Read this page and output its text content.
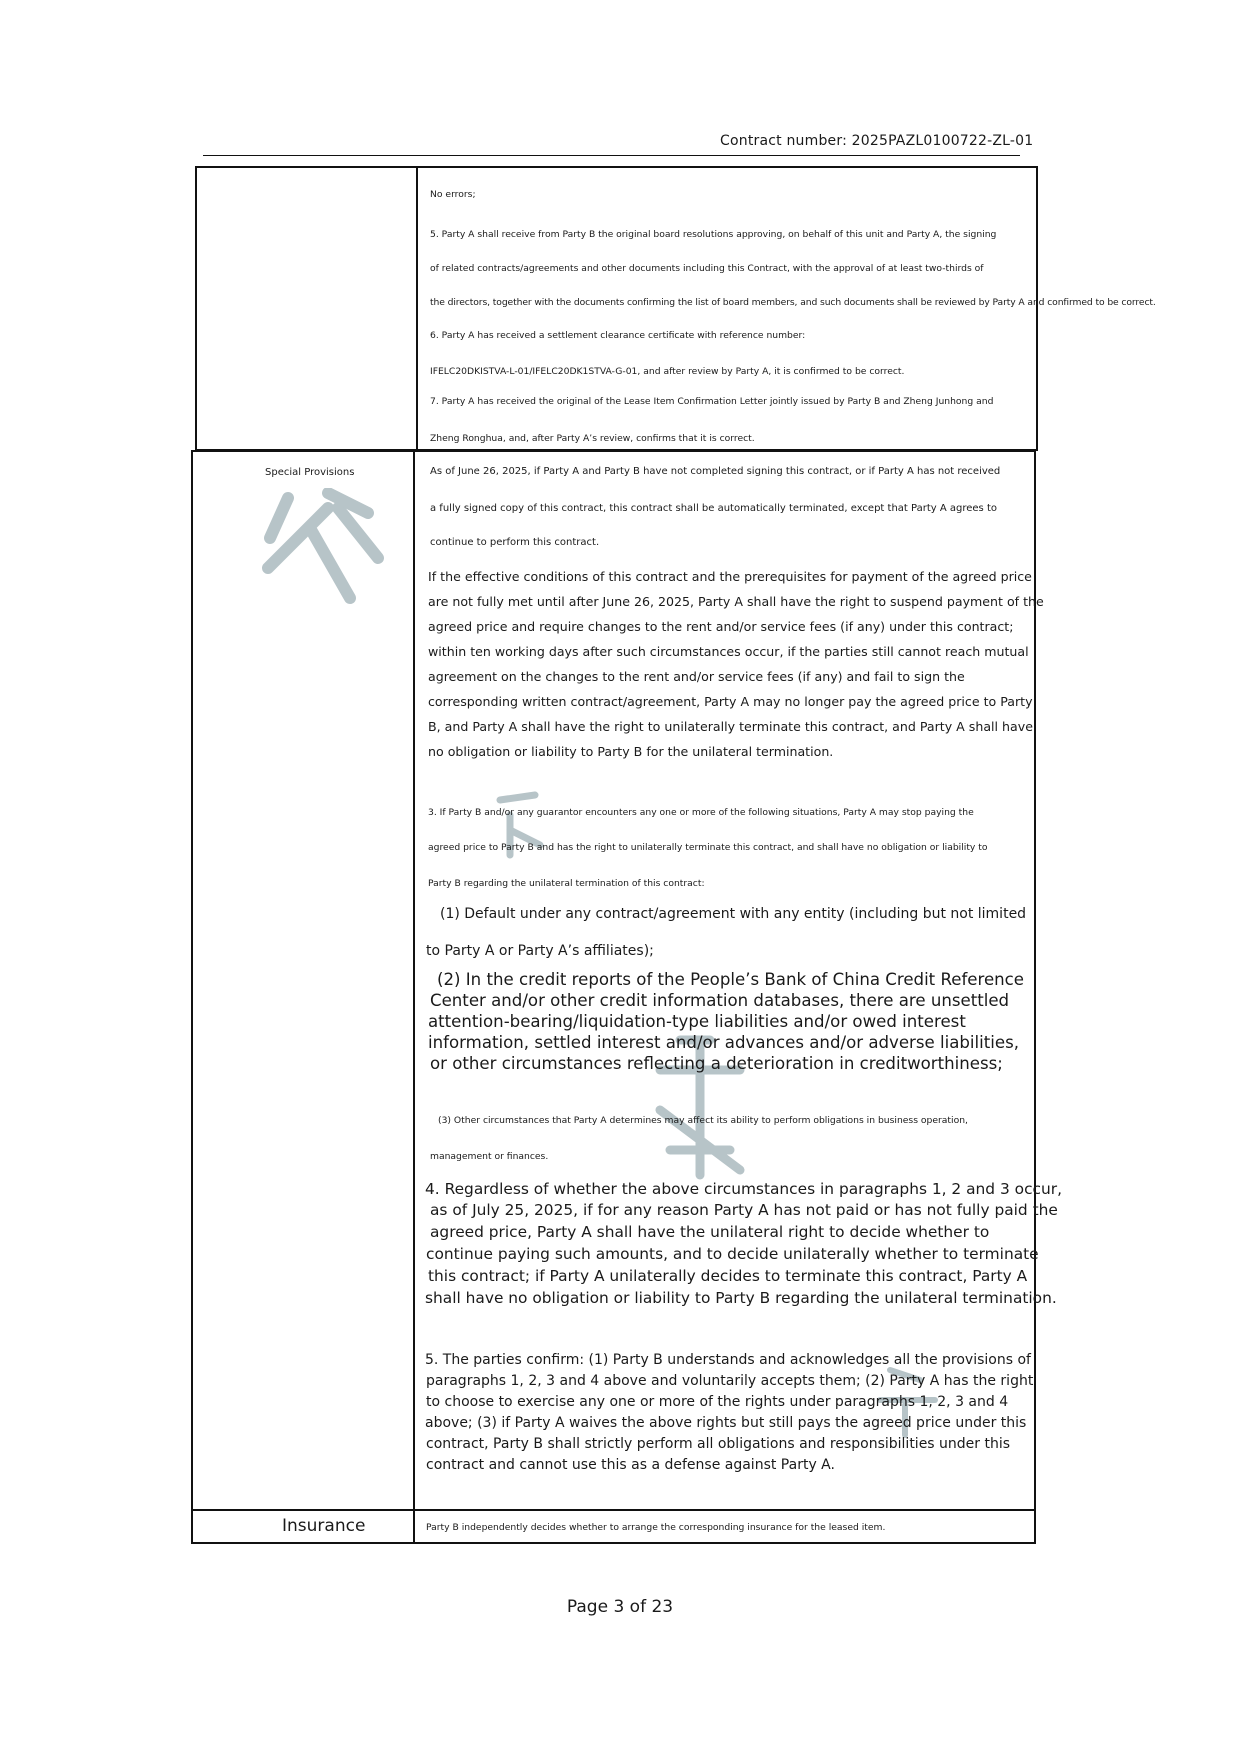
Contract number: 2025PAZL0100722-ZL-01
No errors;
5. Party A shall receive from Party B the original board resolutions approving, on behalf of this unit and Party A, the signing
of related contracts/agreements and other documents including this Contract, with the approval of at least two-thirds of
the directors, together with the documents confirming the list of board members, and such documents shall be reviewed by Party A and confirmed to be correct.
6. Party A has received a settlement clearance certificate with reference number:
IFELC20DKISTVA-L-01/IFELC20DK1STVA-G-01, and after review by Party A, it is confirmed to be correct.
7. Party A has received the original of the Lease Item Confirmation Letter jointly issued by Party B and Zheng Junhong and
Zheng Ronghua, and, after Party A’s review, confirms that it is correct.
Special Provisions	As of June 26, 2025, if Party A and Party B have not completed signing this contract, or if Party A has not received
a fully signed copy of this contract, this contract shall be automatically terminated, except that Party A agrees to
continue to perform this contract.
If the effective conditions of this contract and the prerequisites for payment of the agreed price
are not fully met until after June 26, 2025, Party A shall have the right to suspend payment of the
agreed price and require changes to the rent and/or service fees (if any) under this contract;
within ten working days after such circumstances occur, if the parties still cannot reach mutual
agreement on the changes to the rent and/or service fees (if any) and fail to sign the
corresponding written contract/agreement, Party A may no longer pay the agreed price to Party
B, and Party A shall have the right to unilaterally terminate this contract, and Party A shall have
no obligation or liability to Party B for the unilateral termination.
3. If Party B and/or any guarantor encounters any one or more of the following situations, Party A may stop paying the
agreed price to Party B and has the right to unilaterally terminate this contract, and shall have no obligation or liability to
Party B regarding the unilateral termination of this contract:
(1) Default under any contract/agreement with any entity (including but not limited
to Party A or Party A’s affiliates);
(2) In the credit reports of the People’s Bank of China Credit Reference
Center and/or other credit information databases, there are unsettled
attention-bearing/liquidation-type liabilities and/or owed interest
information, settled interest and/or advances and/or adverse liabilities,
or other circumstances reflecting a deterioration in creditworthiness;
(3) Other circumstances that Party A determines may affect its ability to perform obligations in business operation,
management or finances.
4. Regardless of whether the above circumstances in paragraphs 1, 2 and 3 occur,
as of July 25, 2025, if for any reason Party A has not paid or has not fully paid the
agreed price, Party A shall have the unilateral right to decide whether to
continue paying such amounts, and to decide unilaterally whether to terminate
this contract; if Party A unilaterally decides to terminate this contract, Party A
shall have no obligation or liability to Party B regarding the unilateral termination.
5. The parties confirm: (1) Party B understands and acknowledges all the provisions of
paragraphs 1, 2, 3 and 4 above and voluntarily accepts them; (2) Party A has the right
to choose to exercise any one or more of the rights under paragraphs 1, 2, 3 and 4
above; (3) if Party A waives the above rights but still pays the agreed price under this
contract, Party B shall strictly perform all obligations and responsibilities under this
contract and cannot use this as a defense against Party A.
Insurance	Party B independently decides whether to arrange the corresponding insurance for the leased item.
Page 3 of 23
